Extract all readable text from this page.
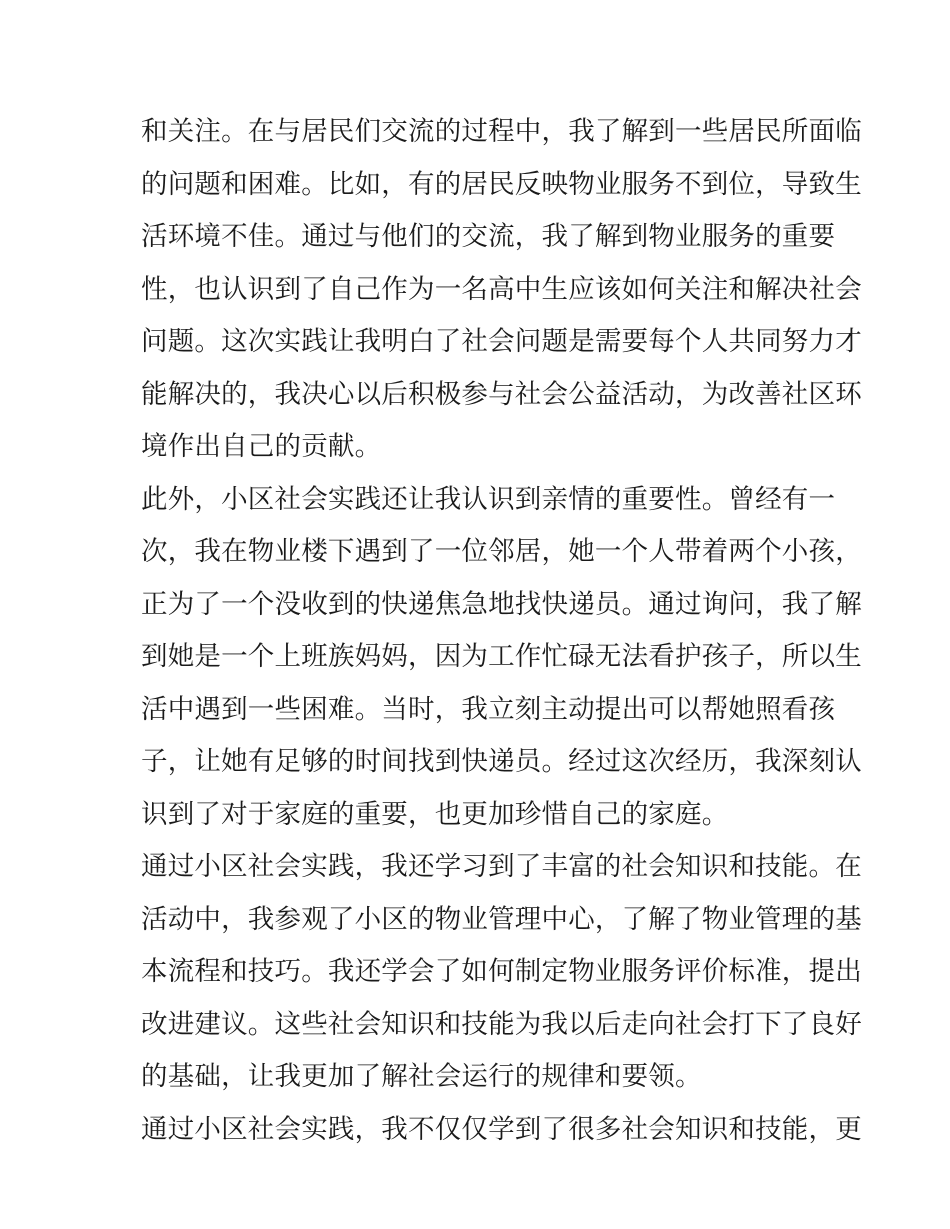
和关注。在与居民们交流的过程中，我了解到一些居民所面临
的问题和困难。比如，有的居民反映物业服务不到位，导致生
活环境不佳。通过与他们的交流，我了解到物业服务的重要
性，也认识到了自己作为一名高中生应该如何关注和解决社会
问题。这次实践让我明白了社会问题是需要每个人共同努力才
能解决的，我决心以后积极参与社会公益活动，为改善社区环
境作出自己的贡献。
此外，小区社会实践还让我认识到亲情的重要性。曾经有一
次，我在物业楼下遇到了一位邻居，她一个人带着两个小孩，
正为了一个没收到的快递焦急地找快递员。通过询问，我了解
到她是一个上班族妈妈，因为工作忙碌无法看护孩子，所以生
活中遇到一些困难。当时，我立刻主动提出可以帮她照看孩
子，让她有足够的时间找到快递员。经过这次经历，我深刻认
识到了对于家庭的重要，也更加珍惜自己的家庭。
通过小区社会实践，我还学习到了丰富的社会知识和技能。在
活动中，我参观了小区的物业管理中心，了解了物业管理的基
本流程和技巧。我还学会了如何制定物业服务评价标准，提出
改进建议。这些社会知识和技能为我以后走向社会打下了良好
的基础，让我更加了解社会运行的规律和要领。
通过小区社会实践，我不仅仅学到了很多社会知识和技能，更
